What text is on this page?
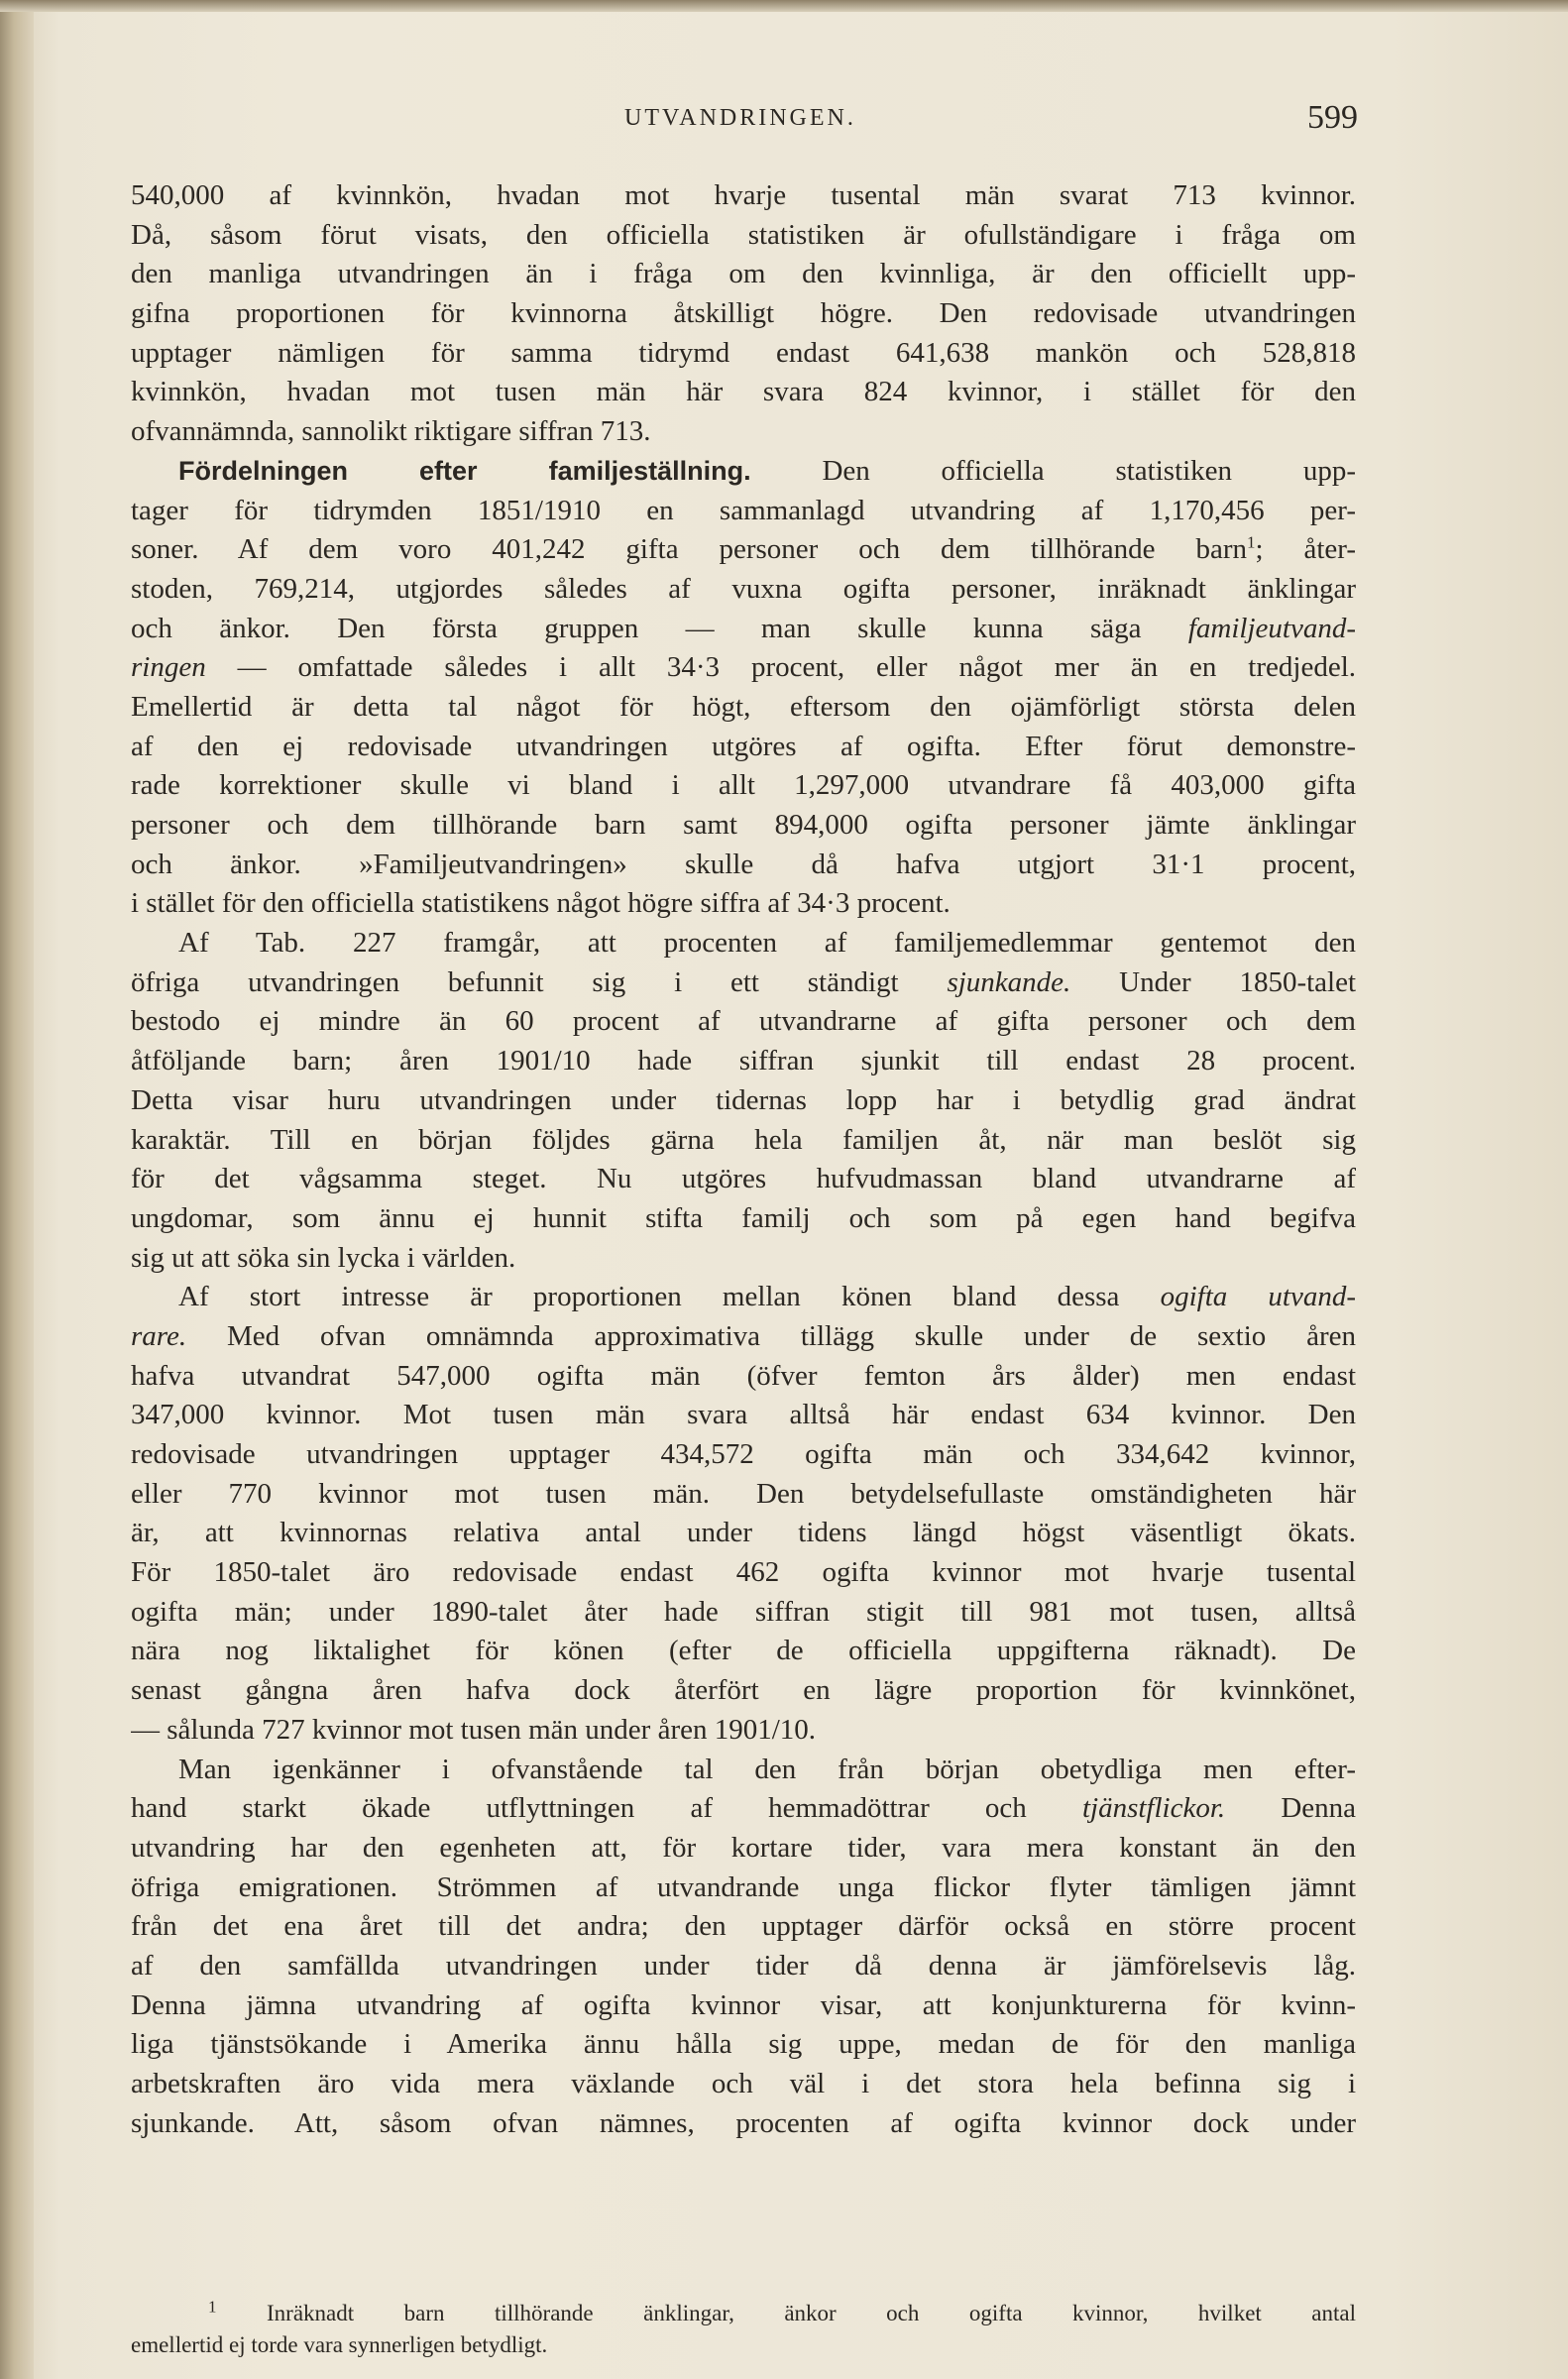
UTVANDRINGEN.	599
540,000 af kvinnkön, hvadan mot hvarje tusental män svarat 713 kvinnor.
Då, såsom förut visats, den officiella statistiken är ofullständigare i fråga om
den manliga utvandringen än i fråga om den kvinnliga, är den officiellt upp-
gifna proportionen för kvinnorna åtskilligt högre. Den redovisade utvandringen
upptager nämligen för samma tidrymd endast 641,638 mankön och 528,818
kvinnkön, hvadan mot tusen män här svara 824 kvinnor, i stället för den
ofvannämnda, sannolikt riktigare siffran 713.
Fördelningen efter familjeställning. Den officiella statistiken upp-
tager för tidrymden 1851/1910 en sammanlagd utvandring af 1,170,456 per-
soner. Af dem voro 401,242 gifta personer och dem tillhörande barn$^1$; åter-
stoden, 769,214, utgjordes således af vuxna ogifta personer, inräknadt änklingar
och änkor. Den första gruppen — man skulle kunna säga familjeutvand-
ringen — omfattade således i allt 34·3 procent, eller något mer än en tredjedel.
Emellertid är detta tal något för högt, eftersom den ojämförligt största delen
af den ej redovisade utvandringen utgöres af ogifta. Efter förut demonstre-
rade korrektioner skulle vi bland i allt 1,297,000 utvandrare få 403,000 gifta
personer och dem tillhörande barn samt 894,000 ogifta personer jämte änklingar
och änkor. »Familjeutvandringen» skulle då hafva utgjort 31·1 procent,
i stället för den officiella statistikens något högre siffra af 34·3 procent.
Af Tab. 227 framgår, att procenten af familjemedlemmar gentemot den
öfriga utvandringen befunnit sig i ett ständigt sjunkande. Under 1850-talet
bestodo ej mindre än 60 procent af utvandrarne af gifta personer och dem
åtföljande barn; åren 1901/10 hade siffran sjunkit till endast 28 procent.
Detta visar huru utvandringen under tidernas lopp har i betydlig grad ändrat
karaktär. Till en början följdes gärna hela familjen åt, när man beslöt sig
för det vågsamma steget. Nu utgöres hufvudmassan bland utvandrarne af
ungdomar, som ännu ej hunnit stifta familj och som på egen hand begifva
sig ut att söka sin lycka i världen.
Af stort intresse är proportionen mellan könen bland dessa ogifta utvand-
rare. Med ofvan omnämnda approximativa tillägg skulle under de sextio åren
hafva utvandrat 547,000 ogifta män (öfver femton års ålder) men endast
347,000 kvinnor. Mot tusen män svara alltså här endast 634 kvinnor. Den
redovisade utvandringen upptager 434,572 ogifta män och 334,642 kvinnor,
eller 770 kvinnor mot tusen män. Den betydelsefullaste omständigheten här
är, att kvinnornas relativa antal under tidens längd högst väsentligt ökats.
För 1850-talet äro redovisade endast 462 ogifta kvinnor mot hvarje tusental
ogifta män; under 1890-talet åter hade siffran stigit till 981 mot tusen, alltså
nära nog liktalighet för könen (efter de officiella uppgifterna räknadt). De
senast gångna åren hafva dock återfört en lägre proportion för kvinnkönet,
— sålunda 727 kvinnor mot tusen män under åren 1901/10.
Man igenkänner i ofvanstående tal den från början obetydliga men efter-
hand starkt ökade utflyttningen af hemmadöttrar och tjänstflickor. Denna
utvandring har den egenheten att, för kortare tider, vara mera konstant än den
öfriga emigrationen. Strömmen af utvandrande unga flickor flyter tämligen jämnt
från det ena året till det andra; den upptager därför också en större procent
af den samfällda utvandringen under tider då denna är jämförelsevis låg.
Denna jämna utvandring af ogifta kvinnor visar, att konjunkturerna för kvinn-
liga tjänstsökande i Amerika ännu hålla sig uppe, medan de för den manliga
arbetskraften äro vida mera växlande och väl i det stora hela befinna sig i
sjunkande. Att, såsom ofvan nämnes, procenten af ogifta kvinnor dock under
$^1$ Inräknadt barn tillhörande änklingar, änkor och ogifta kvinnor, hvilket antal
emellertid ej torde vara synnerligen betydligt.
